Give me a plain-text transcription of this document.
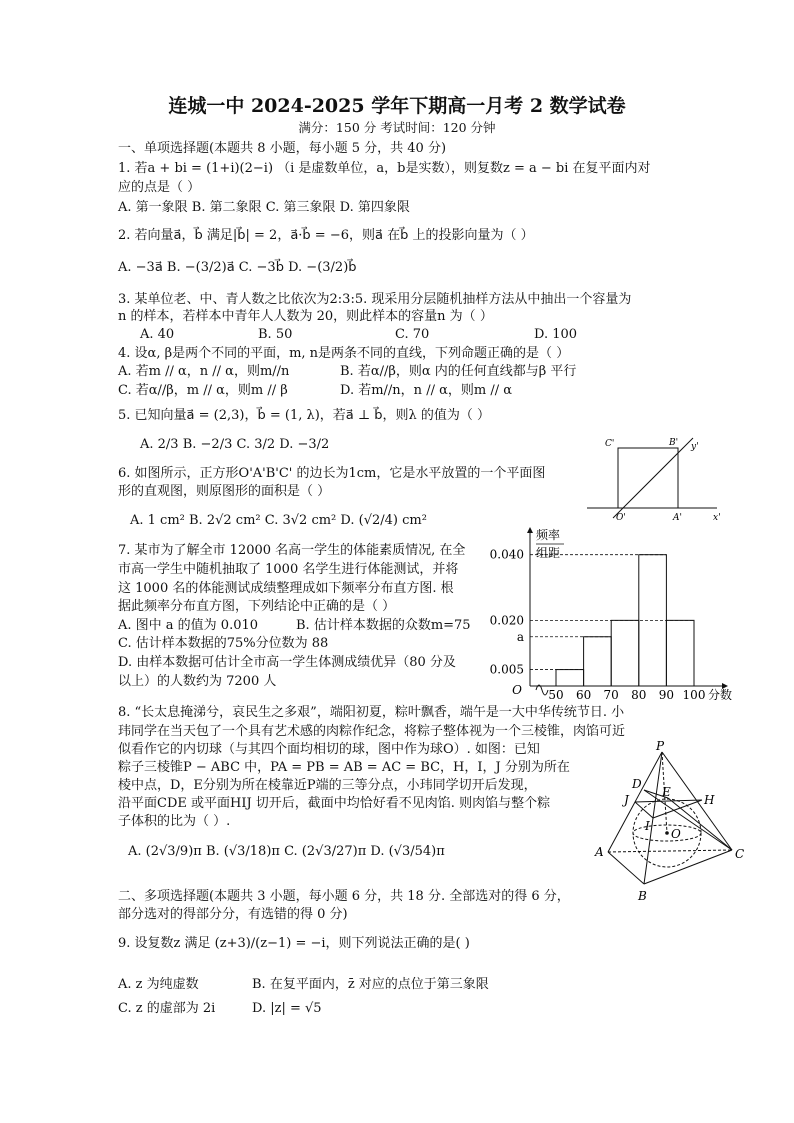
连城一中 2024-2025 学年下期高一月考 2 数学试卷
满分：150 分 考试时间：120 分钟
一、单项选择题(本题共 8 小题，每小题 5 分，共 40 分)
1. 若a + bi = (1+i)(2−i) （i 是虚数单位，a，b是实数），则复数z = a − bi 在复平面内对
应的点是（ ）
A. 第一象限 B. 第二象限 C. 第三象限 D. 第四象限
2. 若向量a⃗，b⃗ 满足|b⃗| = 2，a⃗·b⃗ = −6，则a⃗ 在b⃗ 上的投影向量为（ ）
A. −3a⃗ B. −(3/2)a⃗ C. −3b⃗ D. −(3/2)b⃗
3. 某单位老、中、青人数之比依次为2:3:5. 现采用分层随机抽样方法从中抽出一个容量为
n 的样本，若样本中青年人人数为 20，则此样本的容量n 为（ ）
A. 40	B. 50	C. 70	D. 100
4. 设α, β是两个不同的平面，m, n是两条不同的直线，下列命题正确的是（ ）
A. 若m // α，n // α，则m//n	B. 若α//β，则α 内的任何直线都与β 平行
C. 若α//β，m // α，则m // β	D. 若m//n，n // α，则m // α
5. 已知向量a⃗ = (2,3)，b⃗ = (1, λ)，若a⃗ ⊥ b⃗，则λ 的值为（ ）
A. 2/3 B. −2/3 C. 3/2 D. −3/2
6. 如图所示，正方形O'A'B'C' 的边长为1cm，它是水平放置的一个平面图
形的直观图，则原图形的面积是（ ）
A. 1 cm² B. 2√2 cm² C. 3√2 cm² D. (√2/4) cm²
C'	B' y'
O'	A'	x'
7. 某市为了解全市 12000 名高一学生的体能素质情况, 在全
市高一学生中随机抽取了 1000 名学生进行体能测试，并将
这 1000 名的体能测试成绩整理成如下频率分布直方图. 根
据此频率分布直方图，下列结论中正确的是（ ）
A. 图中 a 的值为 0.010	B. 估计样本数据的众数m=75
C. 估计样本数据的75%分位数为 88
D. 由样本数据可估计全市高一学生体测成绩优异（80 分及
以上）的人数约为 7200 人
0.005
a
0.020
0.040
50 60 70 80 90 100
O	分数
频率
组距
8. “长太息掩涕兮，哀民生之多艰”，端阳初夏，粽叶飘香，端午是一大中华传统节日. 小
玮同学在当天包了一个具有艺术感的肉粽作纪念，将粽子整体视为一个三棱锥，肉馅可近
似看作它的内切球（与其四个面均相切的球，图中作为球O）. 如图：已知
粽子三棱锥P − ABC 中，PA = PB = AB = AC = BC，H，I，J 分别为所在
棱中点，D，E分别为所在棱靠近P端的三等分点，小玮同学切开后发现，
沿平面CDE 或平面HIJ 切开后，截面中均恰好看不见肉馅. 则肉馅与整个粽
子体积的比为（ ）.
A. (2√3/9)π B. (√3/18)π C. (2√3/27)π D. (√3/54)π
P
D
E
J	H
I
O
A	C
B
二、多项选择题(本题共 3 小题，每小题 6 分，共 18 分. 全部选对的得 6 分，
部分选对的得部分分，有选错的得 0 分)
9. 设复数z 满足 (z+3)/(z−1) = −i，则下列说法正确的是( )
A. z 为纯虚数	B. 在复平面内，z̄ 对应的点位于第三象限
C. z 的虚部为 2i	D. |z| = √5
